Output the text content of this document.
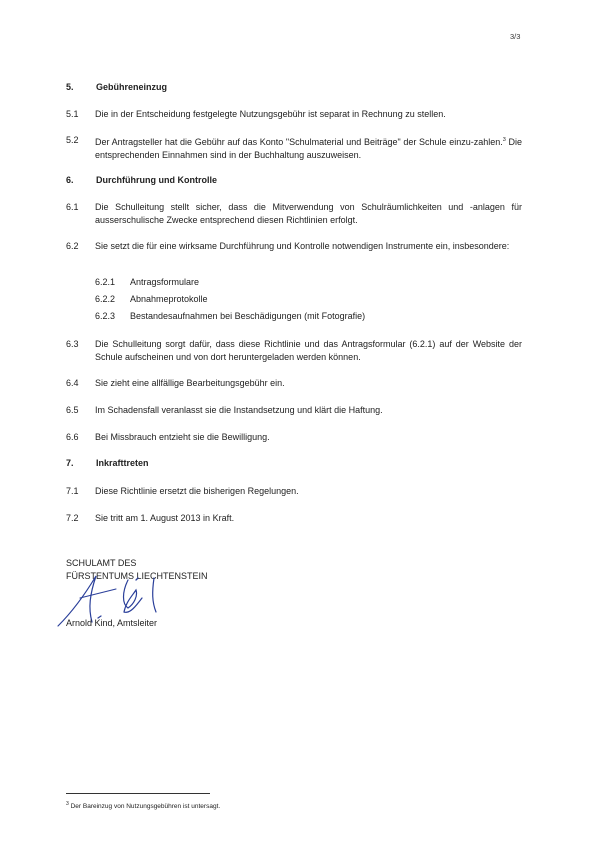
3/3
5. Gebühreneinzug
5.1 Die in der Entscheidung festgelegte Nutzungsgebühr ist separat in Rechnung zu stellen.
5.2 Der Antragsteller hat die Gebühr auf das Konto "Schulmaterial und Beiträge" der Schule einzu-zahlen.$^3$ Die entsprechenden Einnahmen sind in der Buchhaltung auszuweisen.
6. Durchführung und Kontrolle
6.1 Die Schulleitung stellt sicher, dass die Mitverwendung von Schulräumlichkeiten und -anlagen für ausserschulische Zwecke entsprechend diesen Richtlinien erfolgt.
6.2 Sie setzt die für eine wirksame Durchführung und Kontrolle notwendigen Instrumente ein, insbesondere:
6.2.1 Antragsformulare
6.2.2 Abnahmeprotokolle
6.2.3 Bestandesaufnahmen bei Beschädigungen (mit Fotografie)
6.3 Die Schulleitung sorgt dafür, dass diese Richtlinie und das Antragsformular (6.2.1) auf der Website der Schule aufscheinen und von dort heruntergeladen werden können.
6.4 Sie zieht eine allfällige Bearbeitungsgebühr ein.
6.5 Im Schadensfall veranlasst sie die Instandsetzung und klärt die Haftung.
6.6 Bei Missbrauch entzieht sie die Bewilligung.
7. Inkrafttreten
7.1 Diese Richtlinie ersetzt die bisherigen Regelungen.
7.2 Sie tritt am 1. August 2013 in Kraft.
SCHULAMT DES
FÜRSTENTUMS LIECHTENSTEIN
Arnold Kind, Amtsleiter
$^3$ Der Bareinzug von Nutzungsgebühren ist untersagt.
